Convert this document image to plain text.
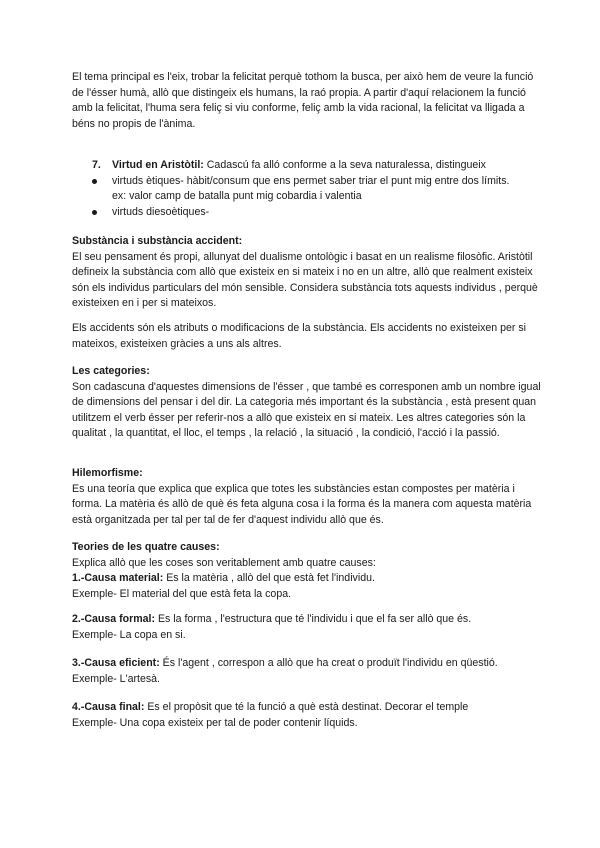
El tema principal es l'eix, trobar la felicitat perquè tothom la busca, per això hem de veure la funció de l'ésser humà, allò que distingeix els humans, la raó propia. A partir d'aquí relacionem la funció amb la felicitat, l'huma sera feliç si viu conforme, feliç amb la vida racional, la felicitat va lligada a béns no propis de l'ànima.

7.	Virtud en Aristòtil: Cadascú fa alló conforme a la seva naturalessa, distingueix
virtuds ètiques- hàbit/consum que ens permet saber triar el punt mig entre dos límits.
ex: valor camp de batalla punt mig cobardia i valentia
virtuds diesoètiques-

Substància i substància accident:

El seu pensament és propi, allunyat del dualisme ontològic i basat en un realisme filosòfic. Aristòtil defineix la substància com allò que existeix en si mateix i no en un altre, allò que realment existeix són els individus particulars del món sensible. Considera substància tots aquests individus , perquè existeixen en i per si mateixos.

Els accidents són els atributs o modificacions de la substància. Els accidents no existeixen per si mateixos, existeixen gràcies a uns als altres.

Les categories:

Son cadascuna d'aquestes dimensions de l'ésser , que també es corresponen amb un nombre igual de dimensions del pensar i del dir. La categoria més important és la substància , està present quan utilitzem el verb ésser per referir-nos a allò que existeix en si mateix. Les altres categories són la qualitat , la quantitat, el lloc, el temps , la relació , la situació , la condició, l'acció i la passió.

Hilemorfisme:

Es una teoría que explica que explica que totes les substàncies estan compostes per matèria i forma. La matèria és allò de què és feta alguna cosa i la forma és la manera com aquesta matèria està organitzada per tal per tal de fer d'aquest individu allò que és.

Teories de les quatre causes:

Explica allò que les coses son veritablement amb quatre causes:

1.-Causa material: Es la matèria , allò del que està fet l'individu.

Exemple- El material del que està feta la copa.

2.-Causa formal: Es la forma , l'estructura que té l'individu i que el fa ser allò que és.

Exemple- La copa en si.

3.-Causa eficient: És l'agent , correspon a allò que ha creat o produït l'individu en qüestió.

Exemple- L'artesà.

4.-Causa final: Es el propòsit que té la funció a què està destinat. Decorar el temple

Exemple- Una copa existeix per tal de poder contenir líquids.
